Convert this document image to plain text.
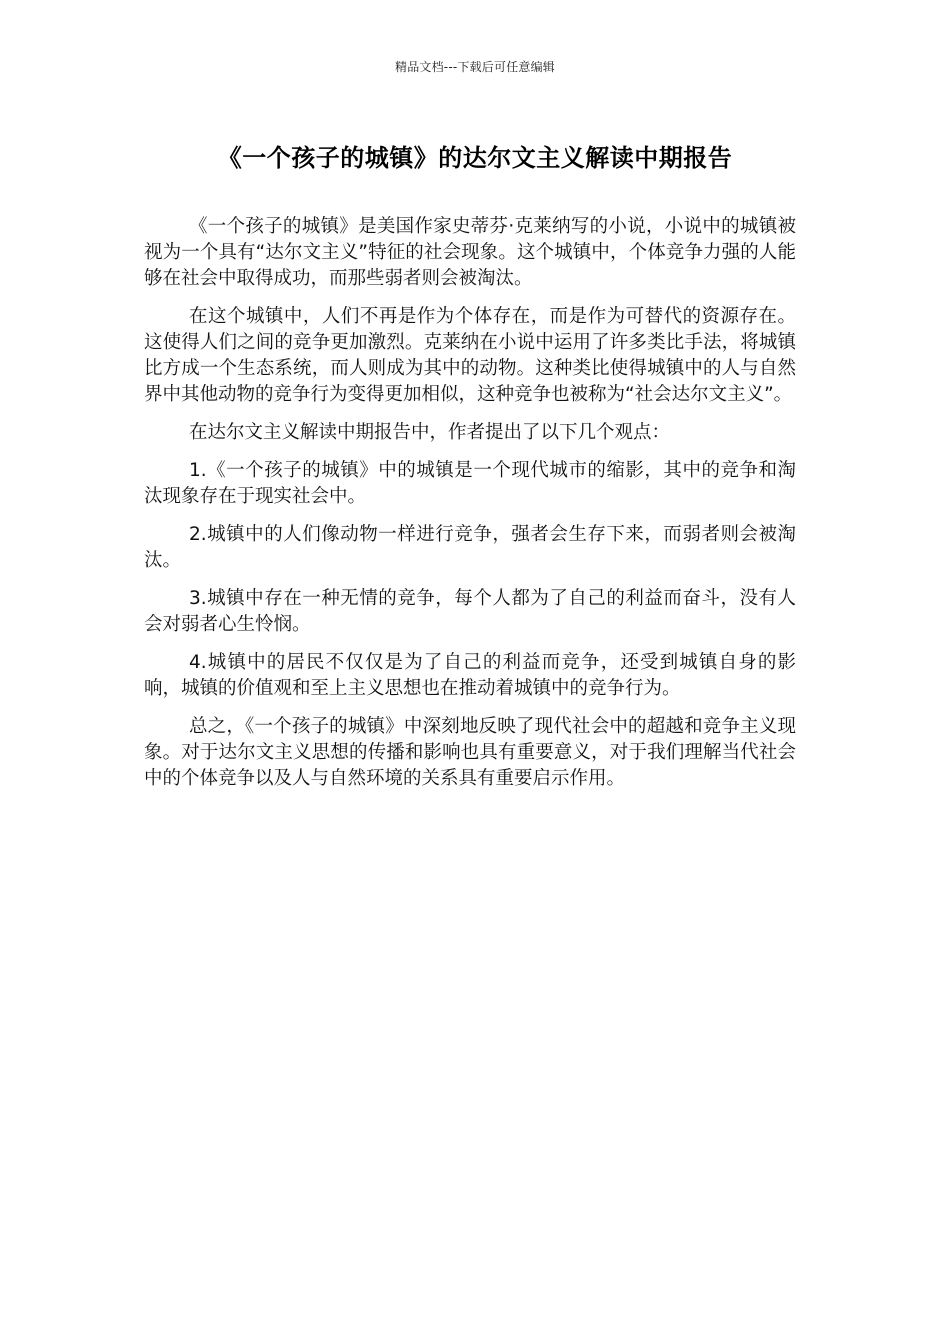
精品文档---下载后可任意编辑
《一个孩子的城镇》的达尔文主义解读中期报告

《一个孩子的城镇》是美国作家史蒂芬·克莱纳写的小说，小说中的城镇被视为一个具有“达尔文主义”特征的社会现象。这个城镇中，个体竞争力强的人能够在社会中取得成功，而那些弱者则会被淘汰。

在这个城镇中，人们不再是作为个体存在，而是作为可替代的资源存在。这使得人们之间的竞争更加激烈。克莱纳在小说中运用了许多类比手法，将城镇比方成一个生态系统，而人则成为其中的动物。这种类比使得城镇中的人与自然界中其他动物的竞争行为变得更加相似，这种竞争也被称为“社会达尔文主义”。

在达尔文主义解读中期报告中，作者提出了以下几个观点：

1.《一个孩子的城镇》中的城镇是一个现代城市的缩影，其中的竞争和淘汰现象存在于现实社会中。

2.城镇中的人们像动物一样进行竞争，强者会生存下来，而弱者则会被淘汰。

3.城镇中存在一种无情的竞争，每个人都为了自己的利益而奋斗，没有人会对弱者心生怜悯。

4.城镇中的居民不仅仅是为了自己的利益而竞争，还受到城镇自身的影响，城镇的价值观和至上主义思想也在推动着城镇中的竞争行为。

总之，《一个孩子的城镇》中深刻地反映了现代社会中的超越和竞争主义现象。对于达尔文主义思想的传播和影响也具有重要意义，对于我们理解当代社会中的个体竞争以及人与自然环境的关系具有重要启示作用。
